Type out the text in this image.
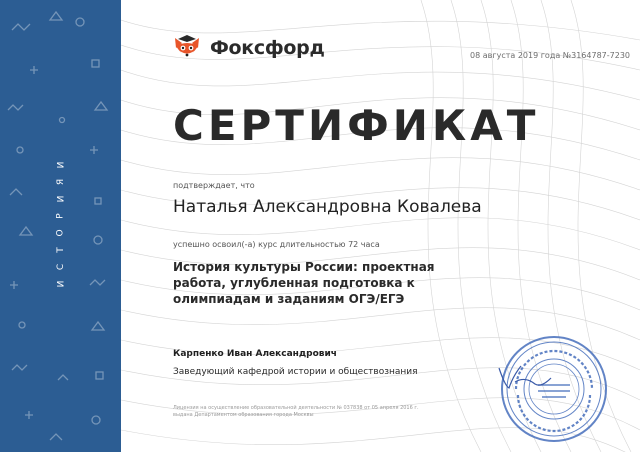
И
Я
И
Р
О
Т
С
И
Фоксфорд	08 августа 2019 года №3164787-7230
СЕРТИФИКАТ
подтверждает, что
Наталья Александровна Ковалева
успешно освоил(-а) курс длительностью 72 часа
История культуры России: проектная
работа, углубленная подготовка к
олимпиадам и заданиям ОГЭ/ЕГЭ
Карпенко Иван Александрович
Заведующий кафедрой истории и обществознания
Лицензия на осуществление образовательной деятельности № 037838 от 05 апреля 2016 г.
выдана Департаментом образования города Москвы
